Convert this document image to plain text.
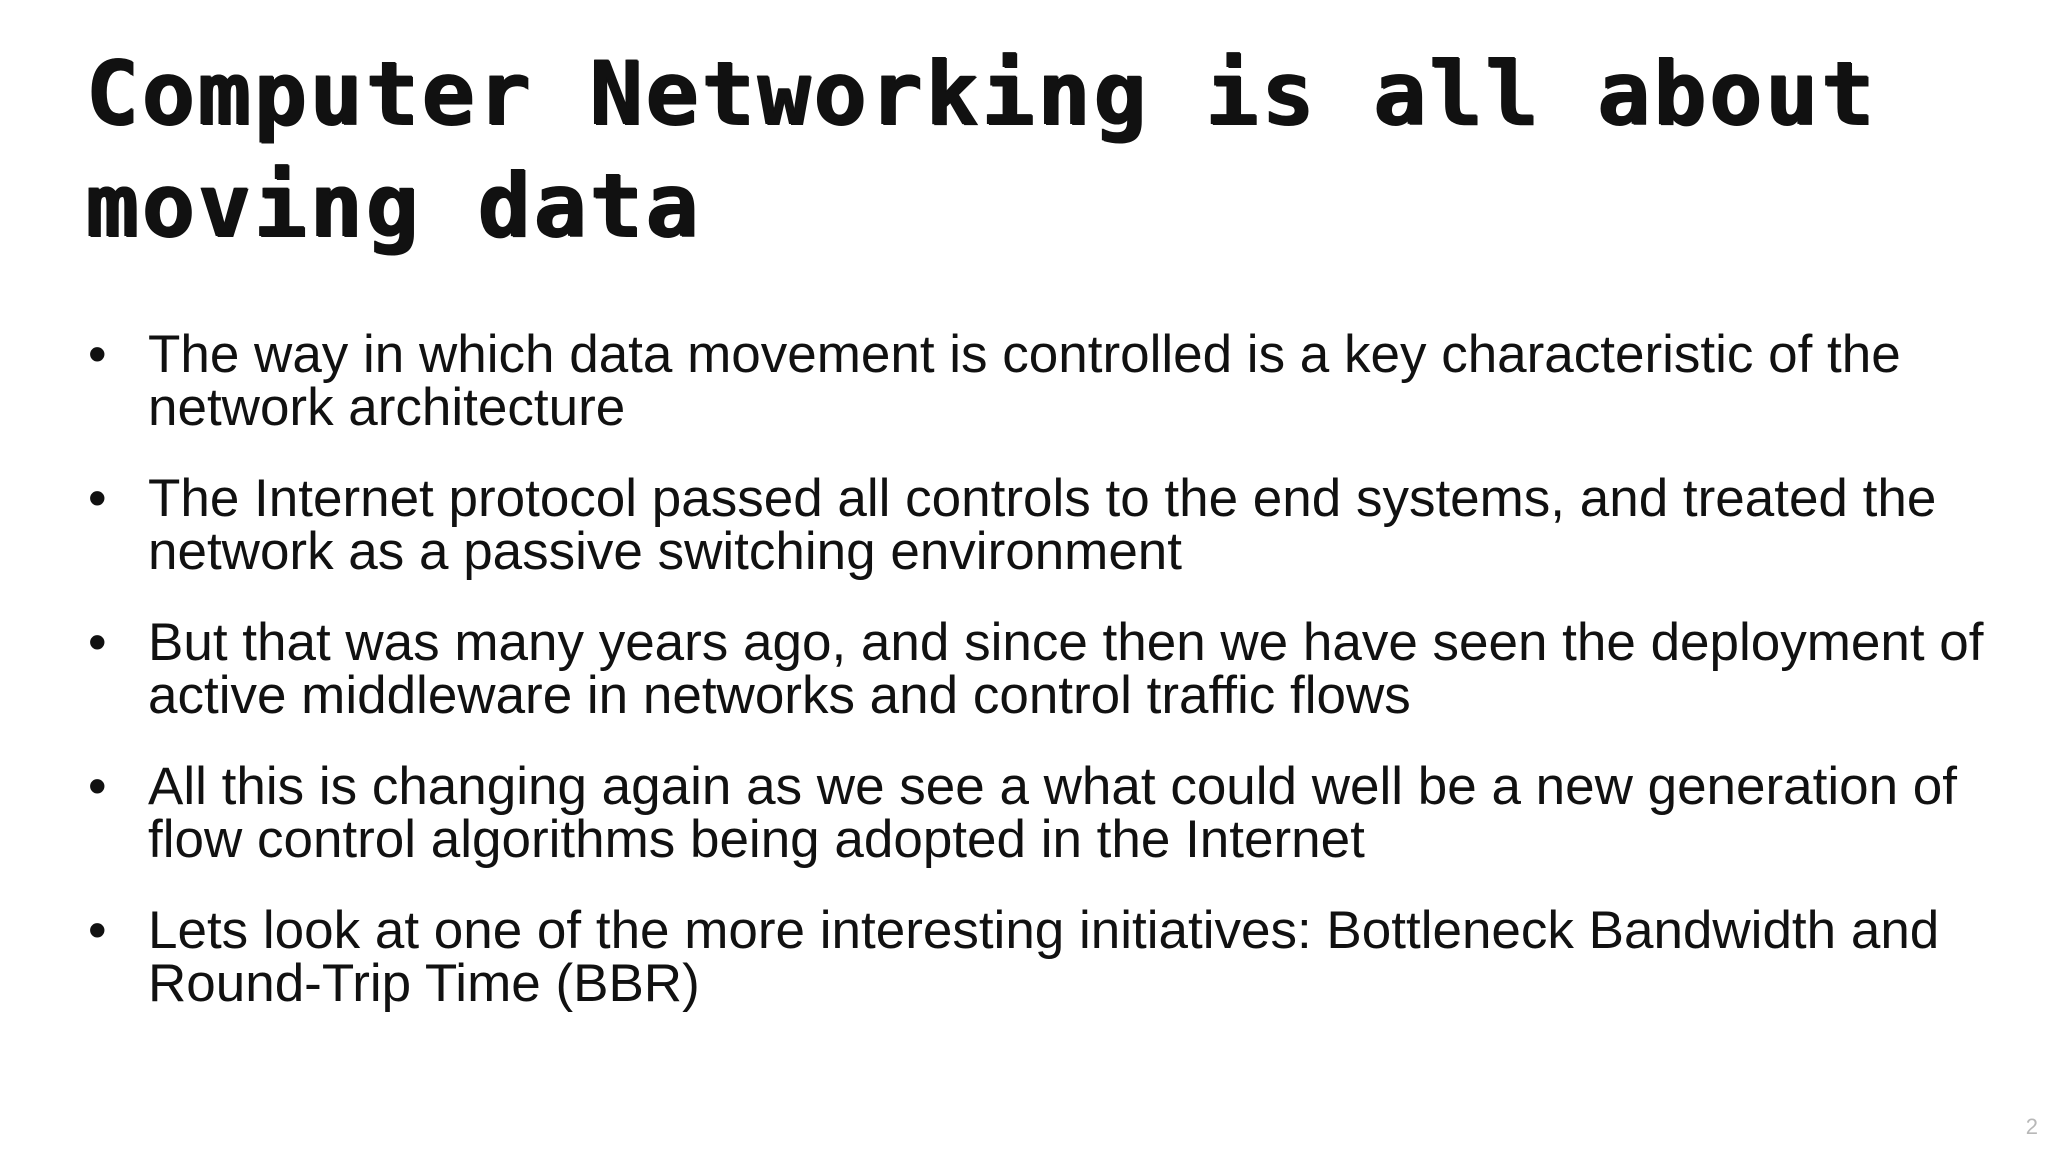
Computer Networking is all about moving data
• The way in which data movement is controlled is a key characteristic of the network architecture
• The Internet protocol passed all controls to the end systems, and treated the network as a passive switching environment
• But that was many years ago, and since then we have seen the deployment of active middleware in networks and control traffic flows
• All this is changing again as we see a what could well be a new generation of flow control algorithms being adopted in the Internet
• Lets look at one of the more interesting initiatives: Bottleneck Bandwidth and Round-Trip Time (BBR)
2
